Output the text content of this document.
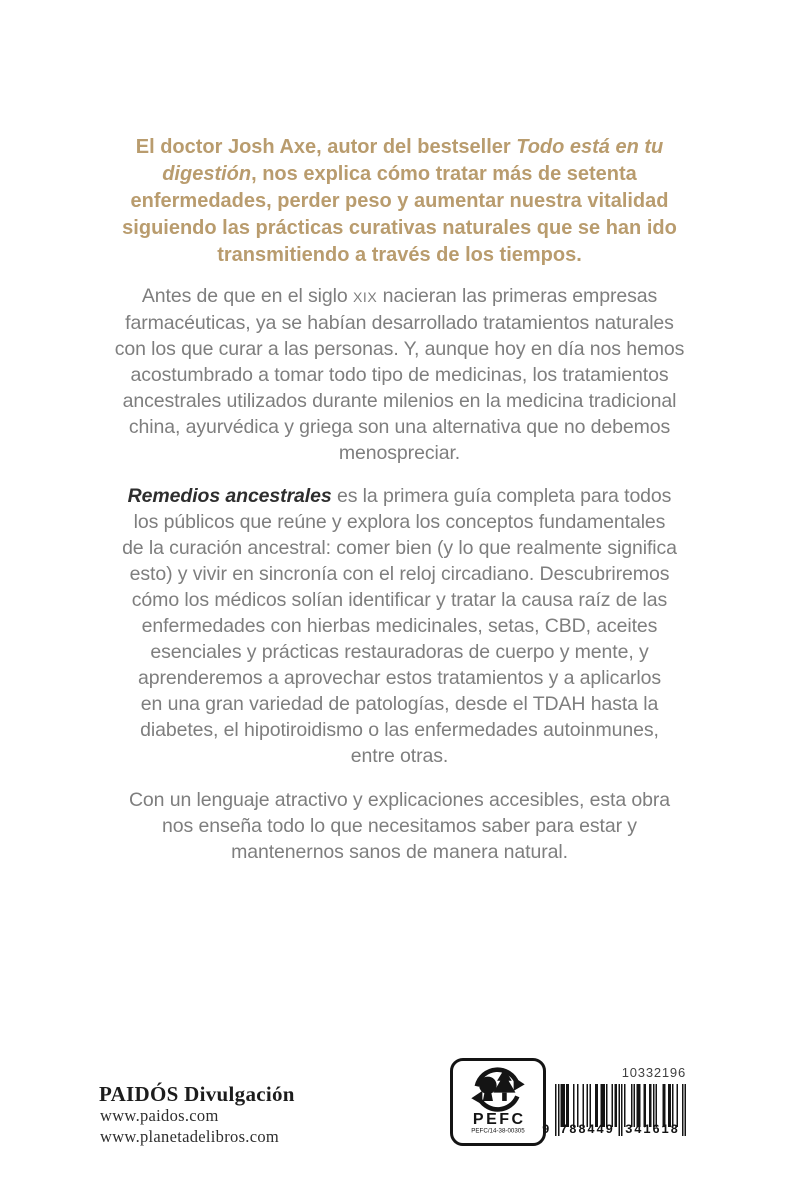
El doctor Josh Axe, autor del bestseller Todo está en tu
digestión, nos explica cómo tratar más de setenta
enfermedades, perder peso y aumentar nuestra vitalidad
siguiendo las prácticas curativas naturales que se han ido
transmitiendo a través de los tiempos.
Antes de que en el siglo XIX nacieran las primeras empresas
farmacéuticas, ya se habían desarrollado tratamientos naturales
con los que curar a las personas. Y, aunque hoy en día nos hemos
acostumbrado a tomar todo tipo de medicinas, los tratamientos
ancestrales utilizados durante milenios en la medicina tradicional
china, ayurvédica y griega son una alternativa que no debemos
menospreciar.
Remedios ancestrales es la primera guía completa para todos
los públicos que reúne y explora los conceptos fundamentales
de la curación ancestral: comer bien (y lo que realmente significa
esto) y vivir en sincronía con el reloj circadiano. Descubriremos
cómo los médicos solían identificar y tratar la causa raíz de las
enfermedades con hierbas medicinales, setas, CBD, aceites
esenciales y prácticas restauradoras de cuerpo y mente, y
aprenderemos a aprovechar estos tratamientos y a aplicarlos
en una gran variedad de patologías, desde el TDAH hasta la
diabetes, el hipotiroidismo o las enfermedades autoinmunes,
entre otras.
Con un lenguaje atractivo y explicaciones accesibles, esta obra
nos enseña todo lo que necesitamos saber para estar y
mantenernos sanos de manera natural.
PAIDÓS Divulgación
www.paidos.com
www.planetadelibros.com
PEFC
PEFC/14-38-00305
10332196
9 788449 341618
